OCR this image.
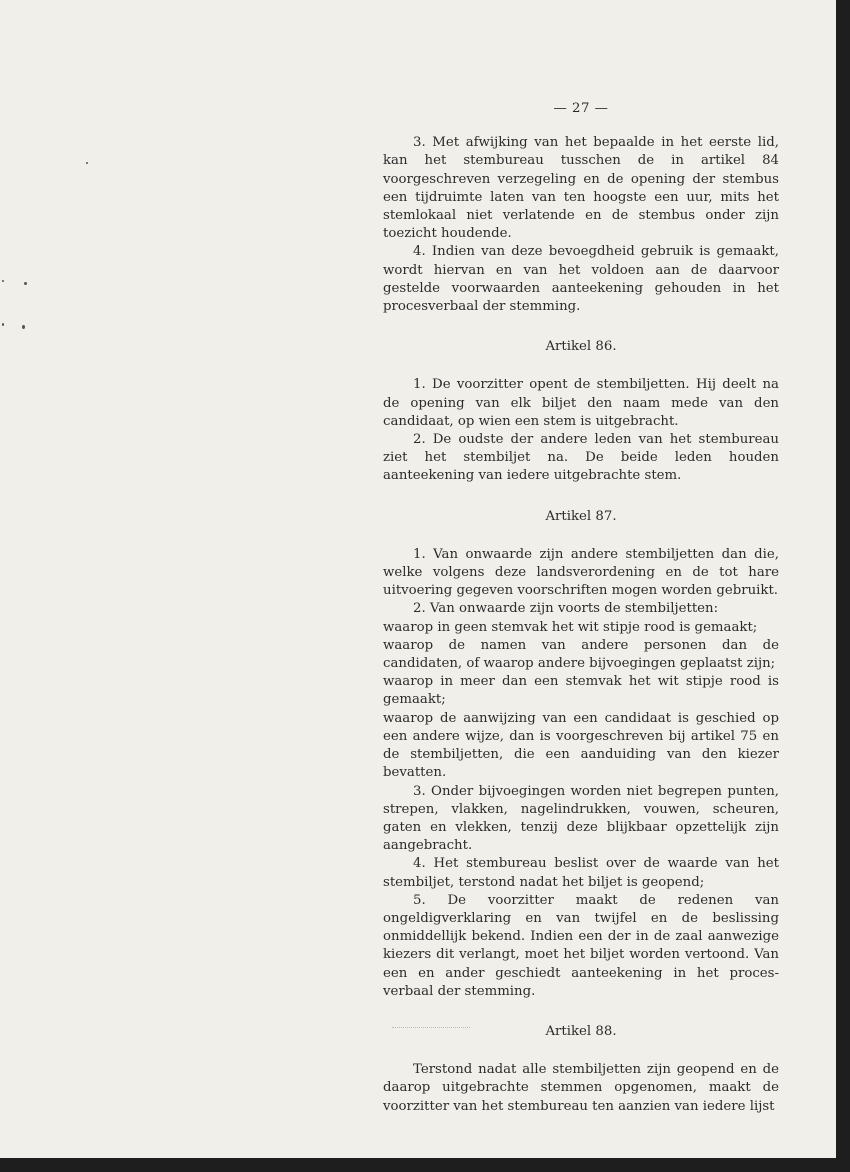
— 27 —

3. Met afwijking van het bepaalde in het eerste lid, kan het stembureau tusschen de in artikel 84 voorgeschreven verzegeling en de opening der stembus een tijdruimte laten van ten hoogste een uur, mits het stemlokaal niet verlatende en de stembus onder zijn toezicht houdende.

4. Indien van deze bevoegdheid gebruik is gemaakt, wordt hiervan en van het voldoen aan de daarvoor gestelde voorwaarden aanteekening gehouden in het procesverbaal der stemming.

Artikel 86.

1. De voorzitter opent de stembiljetten. Hij deelt na de opening van elk biljet den naam mede van den candidaat, op wien een stem is uitgebracht.

2. De oudste der andere leden van het stembureau ziet het stembiljet na. De beide leden houden aanteekening van iedere uitgebrachte stem.

Artikel 87.

1. Van onwaarde zijn andere stembiljetten dan die, welke volgens deze landsverordening en de tot hare uitvoering gegeven voorschriften mogen worden gebruikt.

2. Van onwaarde zijn voorts de stembiljetten:

waarop in geen stemvak het wit stipje rood is gemaakt;

waarop de namen van andere personen dan de candidaten, of waarop andere bijvoegingen geplaatst zijn;

waarop in meer dan een stemvak het wit stipje rood is gemaakt;

waarop de aanwijzing van een candidaat is geschied op een andere wijze, dan is voorgeschreven bij artikel 75 en de stembiljetten, die een aanduiding van den kiezer bevatten.

3. Onder bijvoegingen worden niet begrepen punten, strepen, vlakken, nagelindrukken, vouwen, scheuren, gaten en vlekken, tenzij deze blijkbaar opzettelijk zijn aangebracht.

4. Het stembureau beslist over de waarde van het stembiljet, terstond nadat het biljet is geopend;

5. De voorzitter maakt de redenen van ongeldigverklaring en van twijfel en de beslissing onmiddellijk bekend. Indien een der in de zaal aanwezige kiezers dit verlangt, moet het biljet worden vertoond. Van een en ander geschiedt aanteekening in het proces-verbaal der stemming.

Artikel 88.

Terstond nadat alle stembiljetten zijn geopend en de daarop uitgebrachte stemmen opgenomen, maakt de voorzitter van het stembureau ten aanzien van iedere lijst
